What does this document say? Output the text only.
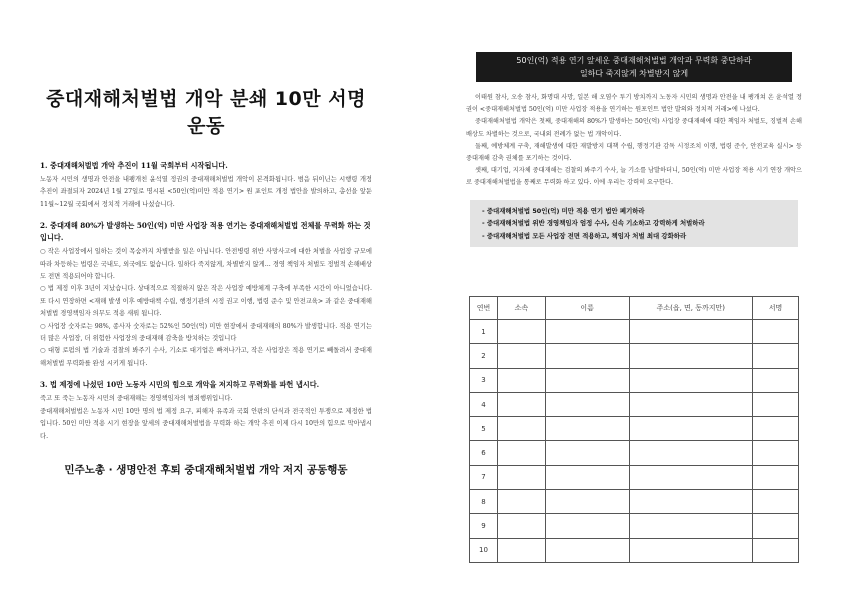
중대재해처벌법 개악 분쇄 10만 서명 운동
1. 중대재해처벌법 개악 추진이 11월 국회부터 시작됩니다.
노동자 시민의 생명과 안전을 내팽개친 윤석열 정권의 중대재해처벌법 개악이 본격화됩니다. 범음 뒤이닌는 시행령 개정 추진이 좌절되자 2024년 1월 27일로 명시된 <50인(억)미만 적용 연기> 원 포인트 개정 법안을 발의하고, 총선을 앞둔 11월~12월 국회에서 정치적 거래에 나섰습니다.
2. 중대재해 80%가 발생하는 50인(억) 미만 사업장 적용 연기는 중대재해처벌법 전체를 무력화 하는 것입니다.
○ 작은 사업장에서 일하는 것이 목숨까지 차별받을 일은 아닙니다. 안전병령 위반 사망사고에 대한 처벌을 사업장 규모에 따라 차등하는 법령은 국내도, 외국에도 없습니다. 일하다 죽지않게, 차별받지 않게... 경영 책임자 처벌도 정벌적 손해배상도 전면 적용되어야 합니다.
○ 법 제정 이후 3년이 지났습니다. 상대적으로 적절하지 않은 작은 사업장 예방체계 구축에 부족한 시간이 아니었습니다. 또 다시 연장하면 <재해 발생 이후 예방대책 수립, 행정기관의 시정 권고 이행, 법령 준수 및 안전교육> 과 같은 중대재해처벌법 경영책임자 의무도 적용 새뤄 됩니다.
○ 사업장 숫자로는 98%, 종사자 숫자로는 52%인 50인(억) 미만 현장에서 중대재해의 80%가 발생합니다. 적용 연기는 더 많은 사업장, 더 위험한 사업장의 중대재해 감축을 방치하는 것입니다
○ 대형 로펌의 법 기술과 검찰의 봐주기 수사, 기소로 대기업은 빠져나가고, 작은 사업장은 적용 연기로 빼돌려서 중대재해처벌법 무력화를 완성 시키게 됩니다.
3. 법 제정에 나섰던 10만 노동자 시민의 힘으로 개악을 저지하고 무력화를 파헌 냅시다.
죽고 또 죽는 노동자 시민의 중대재해는 경영책임자의 범죄행위입니다.
중대재해처벌법은 노동자 시민 10만 명의 법 제정 요구, 피해자 유족과 국회 안팎의 단식과 전국적인 투쟁으로 제정한 법입니다. 50인 미만 적용 시기 현장을 앞세의 중대재해처벌법을 무력화 하는 개악 추진 이제 다시 10만의 힘으로 막아냅시다.
민주노총 · 생명안전 후퇴 중대재해처벌법 개악 저지 공동행동
50인(억) 적용 연기 앞세운 중대재해처벌법 개악과 무력화 중단하라
일하다 죽지않게 차별받지 않게

이태원 참사, 오송 참사, 화명대 사망, 일본 해 오염수 투기 방치까지 노동자 시민의 생명과 안전을 내 팽개쳐 온 윤석열 정권이 <중대재해처벌법 50인(억) 미만 사업장 적용을 연기하는 원포인트 법안 발의와 정치적 거래>에 나섰다.

중대재해처벌법 개악은 첫째, 중대재해의 80%가 발생하는 50인(억) 사업장 중대재해에 대한 책임자 처벌도, 징벌적 손해배상도 차별하는 것으로, 국내외 전례가 없는 법 개악이다.

둘째, 예방체계 구축, 재해발생에 대한 재발방지 대책 수립, 행정기관 감독 시정조치 이행, 법령 준수, 안전교육 실시> 등 중대재해 감축 권체를 포기하는 것이다.

셋째, 대기업, 지자체 중대재해는 검찰의 봐주기 수사, 늘 기소를 남발하더니, 50인(억) 미만 사업장 적용 시기 연장 개악으로 중대재해처벌법을 통째로 무력화 하고 있다. 이에 우리는 강력히 요구한다.

- 중대재해처벌법 50인(억) 미만 적용 연기 법안 폐기하라
- 중대재해처벌법 위반 경영책임자 엄정 수사, 신속 기소하고 강력하게 처벌하라
- 중대재해처벌법 모든 사업장 전면 적용하고, 책임자 처벌 최대 강화하라
연번	소속	이름	주소(읍, 면, 동까지만)	서명
1				
2				
3				
4				
5				
6				
7				
8				
9				
10				
